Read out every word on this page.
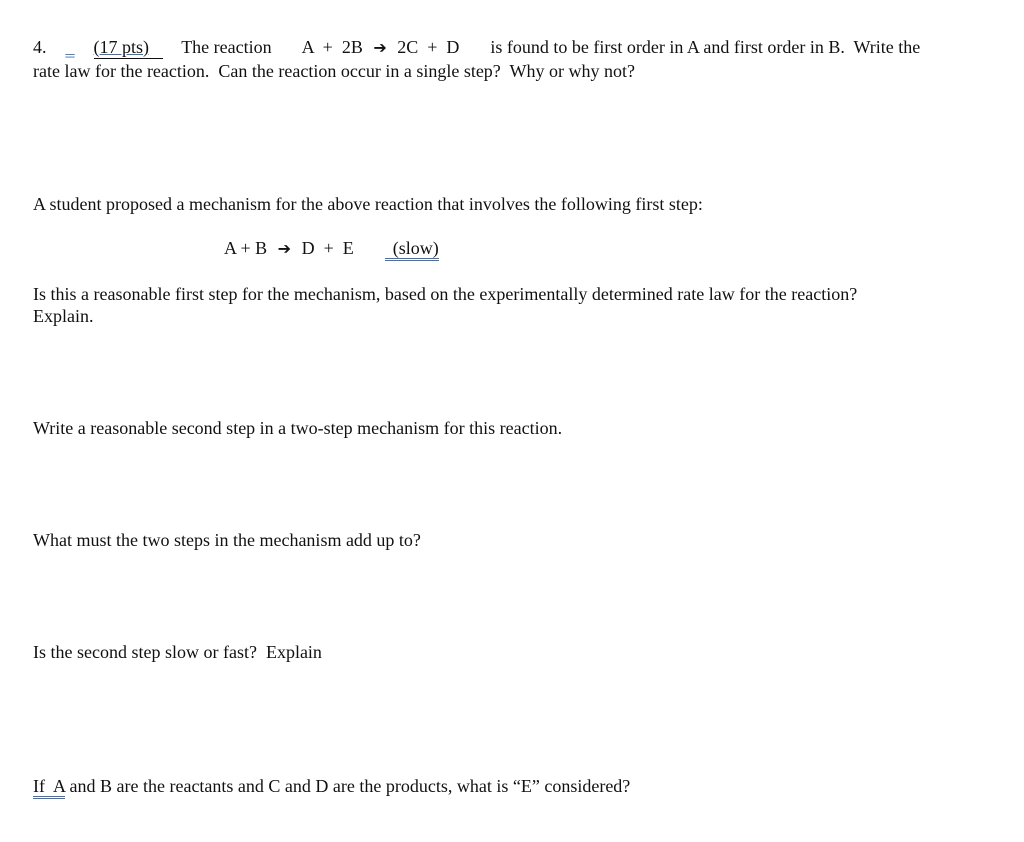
4. ‗ (17 pts) The reaction A  +  2B ➔ 2C  +  D is found to be first order in A and first order in B.  Write the
rate law for the reaction.  Can the reaction occur in a single step?  Why or why not?
A student proposed a mechanism for the above reaction that involves the following first step:
A + B ➔ D  +  E (slow)
Is this a reasonable first step for the mechanism, based on the experimentally determined rate law for the reaction?
Explain.
Write a reasonable second step in a two-step mechanism for this reaction.
What must the two steps in the mechanism add up to?
Is the second step slow or fast?  Explain
If  A and B are the reactants and C and D are the products, what is “E” considered?
